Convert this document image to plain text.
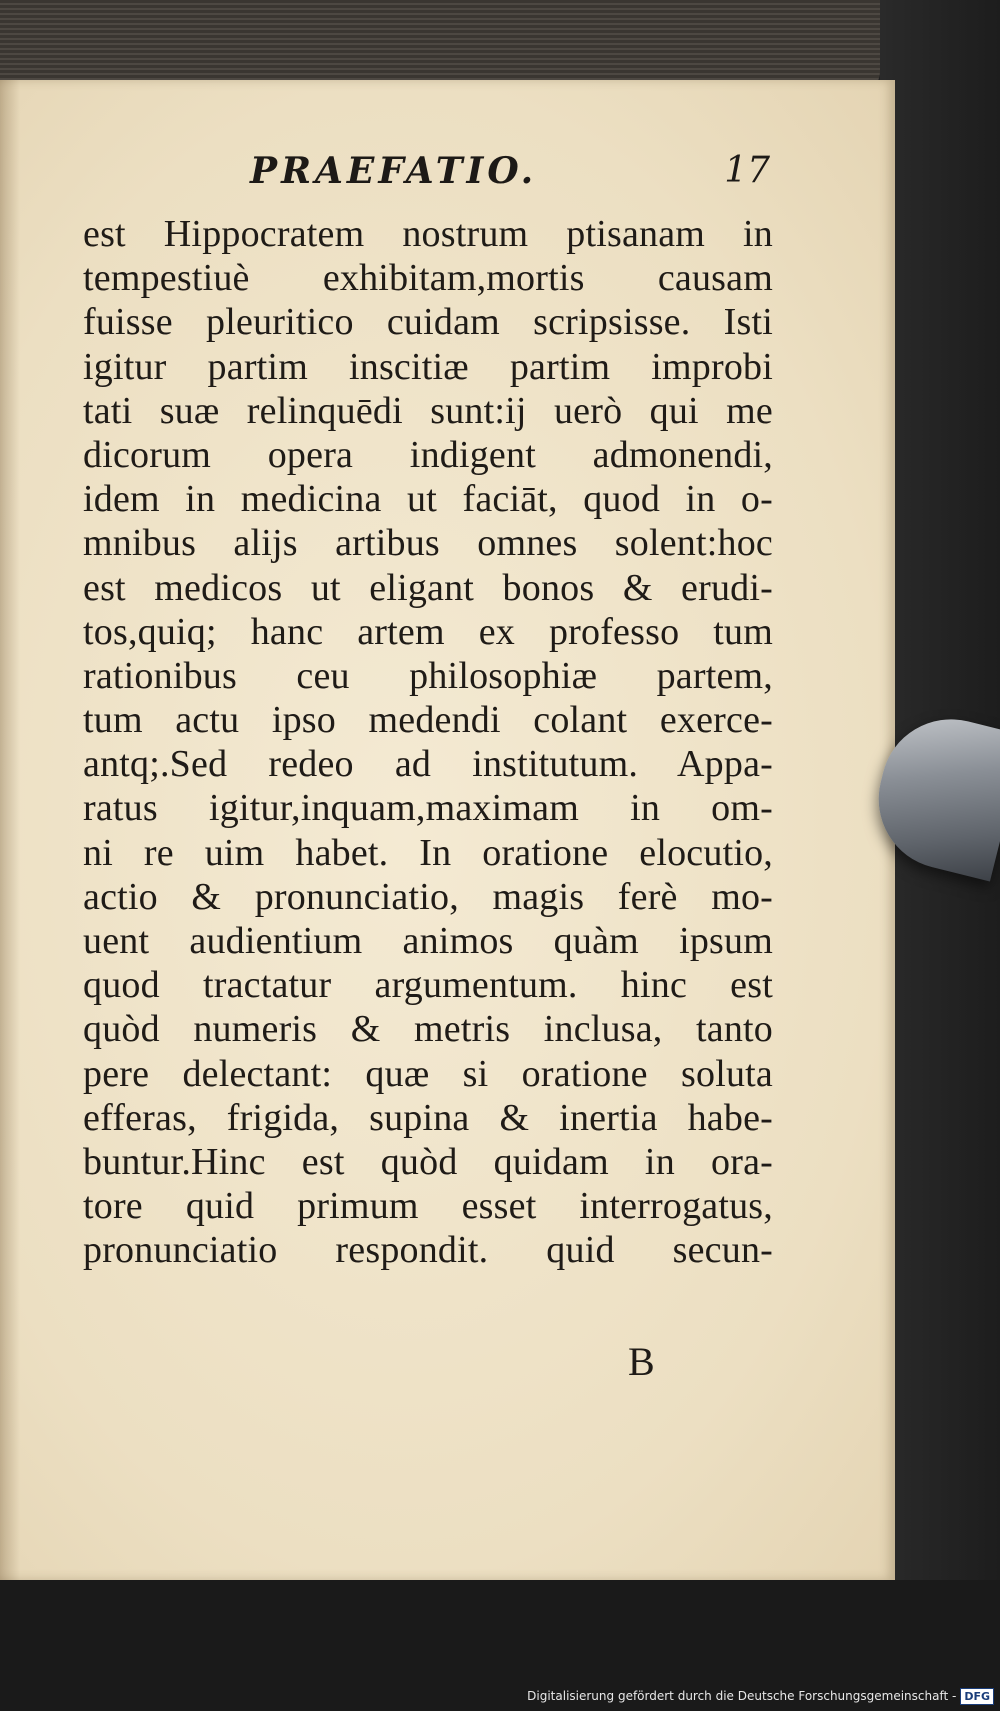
PRAEFATIO.	17
est Hippocratem nostrum ptisanam in
tempestiuè exhibitam,mortis causam
fuisse pleuritico cuidam scripsisse. Isti
igitur partim inscitiæ partim improbi
tati suæ relinquēdi sunt:ij uerò qui me
dicorum opera indigent admonendi,
idem in medicina ut faciāt, quod in o-
mnibus alijs artibus omnes solent:hoc
est medicos ut eligant bonos & erudi-
tos,quiq; hanc artem ex professo tum
rationibus ceu philosophiæ partem,
tum actu ipso medendi colant exerce-
antq;.Sed redeo ad institutum. Appa-
ratus igitur,inquam,maximam in om-
ni re uim habet. In oratione elocutio,
actio & pronunciatio, magis ferè mo-
uent audientium animos quàm ipsum
quod tractatur argumentum. hinc est
quòd numeris & metris inclusa, tanto
pere delectant: quæ si oratione soluta
efferas, frigida, supina & inertia habe-
buntur.Hinc est quòd quidam in ora-
tore quid primum esset interrogatus,
pronunciatio respondit. quid secun-
B
Digitalisierung gefördert durch die Deutsche Forschungsgemeinschaft - DFG
